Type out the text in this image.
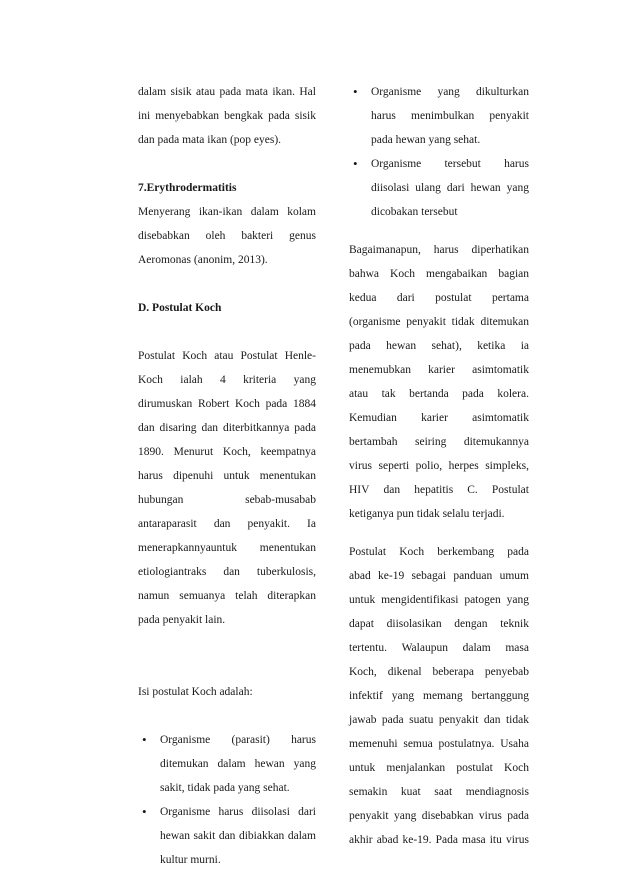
dalam sisik atau pada mata ikan. Hal
ini menyebabkan bengkak pada sisik
dan pada mata ikan (pop eyes).
7.Erythrodermatitis
Menyerang ikan-ikan dalam kolam
disebabkan oleh bakteri genus
Aeromonas (anonim, 2013).
D. Postulat Koch
Postulat Koch atau Postulat Henle-
Koch ialah 4 kriteria yang
dirumuskan Robert Koch pada 1884
dan disaring dan diterbitkannya pada
1890. Menurut Koch, keempatnya
harus dipenuhi untuk menentukan
hubungan	sebab-musabab
antaraparasit dan penyakit. Ia
menerapkannyauntuk menentukan
etiologiantraks dan tuberkulosis,
namun semuanya telah diterapkan
pada penyakit lain.
Isi postulat Koch adalah:
• Organisme (parasit) harus
ditemukan dalam hewan yang
sakit, tidak pada yang sehat.
• Organisme harus diisolasi dari
hewan sakit dan dibiakkan dalam
kultur murni.
• Organisme yang dikulturkan
harus menimbulkan penyakit
pada hewan yang sehat.
• Organisme tersebut harus
diisolasi ulang dari hewan yang
dicobakan tersebut
Bagaimanapun, harus diperhatikan
bahwa Koch mengabaikan bagian
kedua dari postulat pertama
(organisme penyakit tidak ditemukan
pada hewan sehat), ketika ia
menemubkan karier asimtomatik
atau tak bertanda pada kolera.
Kemudian karier asimtomatik
bertambah seiring ditemukannya
virus seperti polio, herpes simpleks,
HIV dan hepatitis C. Postulat
ketiganya pun tidak selalu terjadi.
Postulat Koch berkembang pada
abad ke-19 sebagai panduan umum
untuk mengidentifikasi patogen yang
dapat diisolasikan dengan teknik
tertentu. Walaupun dalam masa
Koch, dikenal beberapa penyebab
infektif yang memang bertanggung
jawab pada suatu penyakit dan tidak
memenuhi semua postulatnya. Usaha
untuk menjalankan postulat Koch
semakin kuat saat mendiagnosis
penyakit yang disebabkan virus pada
akhir abad ke-19. Pada masa itu virus
